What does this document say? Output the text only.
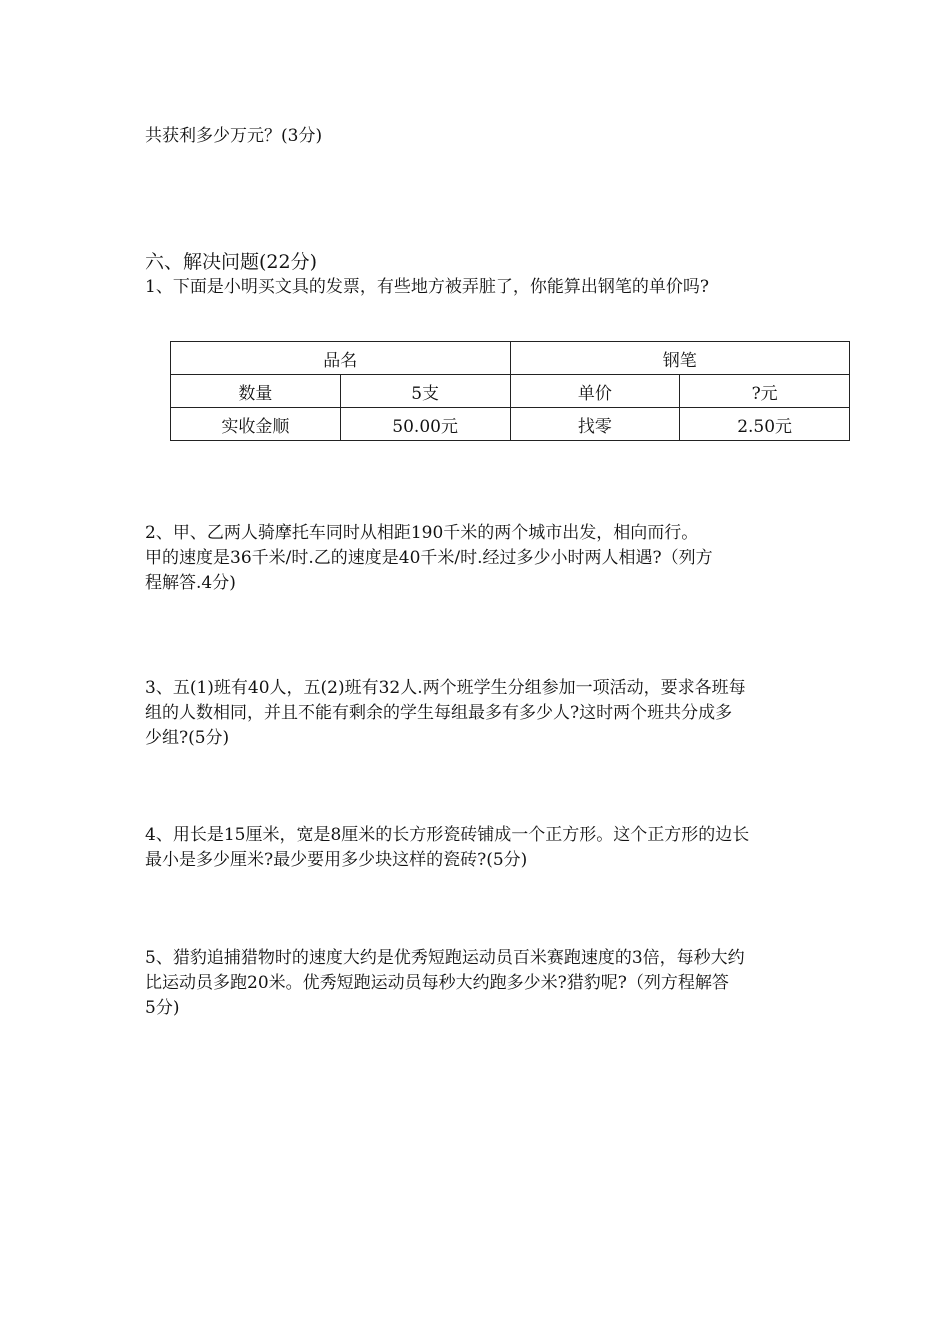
共获利多少万元？(3分)
六、解决问题(22分)
1、下面是小明买文具的发票，有些地方被弄脏了，你能算出钢笔的单价吗?
品名		钢笔	
数量	5支	单价	?元
实收金顺	50.00元	找零	2.50元
2、甲、乙两人骑摩托车同时从相距190千米的两个城市出发，相向而行。
甲的速度是36千米/时.乙的速度是40千米/时.经过多少小时两人相遇?（列方
程解答.4分)
3、五(1)班有40人，五(2)班有32人.两个班学生分组参加一项活动，要求各班每
组的人数相同，并且不能有剩余的学生每组最多有多少人?这时两个班共分成多
少组?(5分)
4、用长是15厘米，宽是8厘米的长方形瓷砖铺成一个正方形。这个正方形的边长
最小是多少厘米?最少要用多少块这样的瓷砖?(5分)
5、猎豹追捕猎物时的速度大约是优秀短跑运动员百米赛跑速度的3倍，每秒大约
比运动员多跑20米。优秀短跑运动员每秒大约跑多少米?猎豹呢?（列方程解答
5分)
